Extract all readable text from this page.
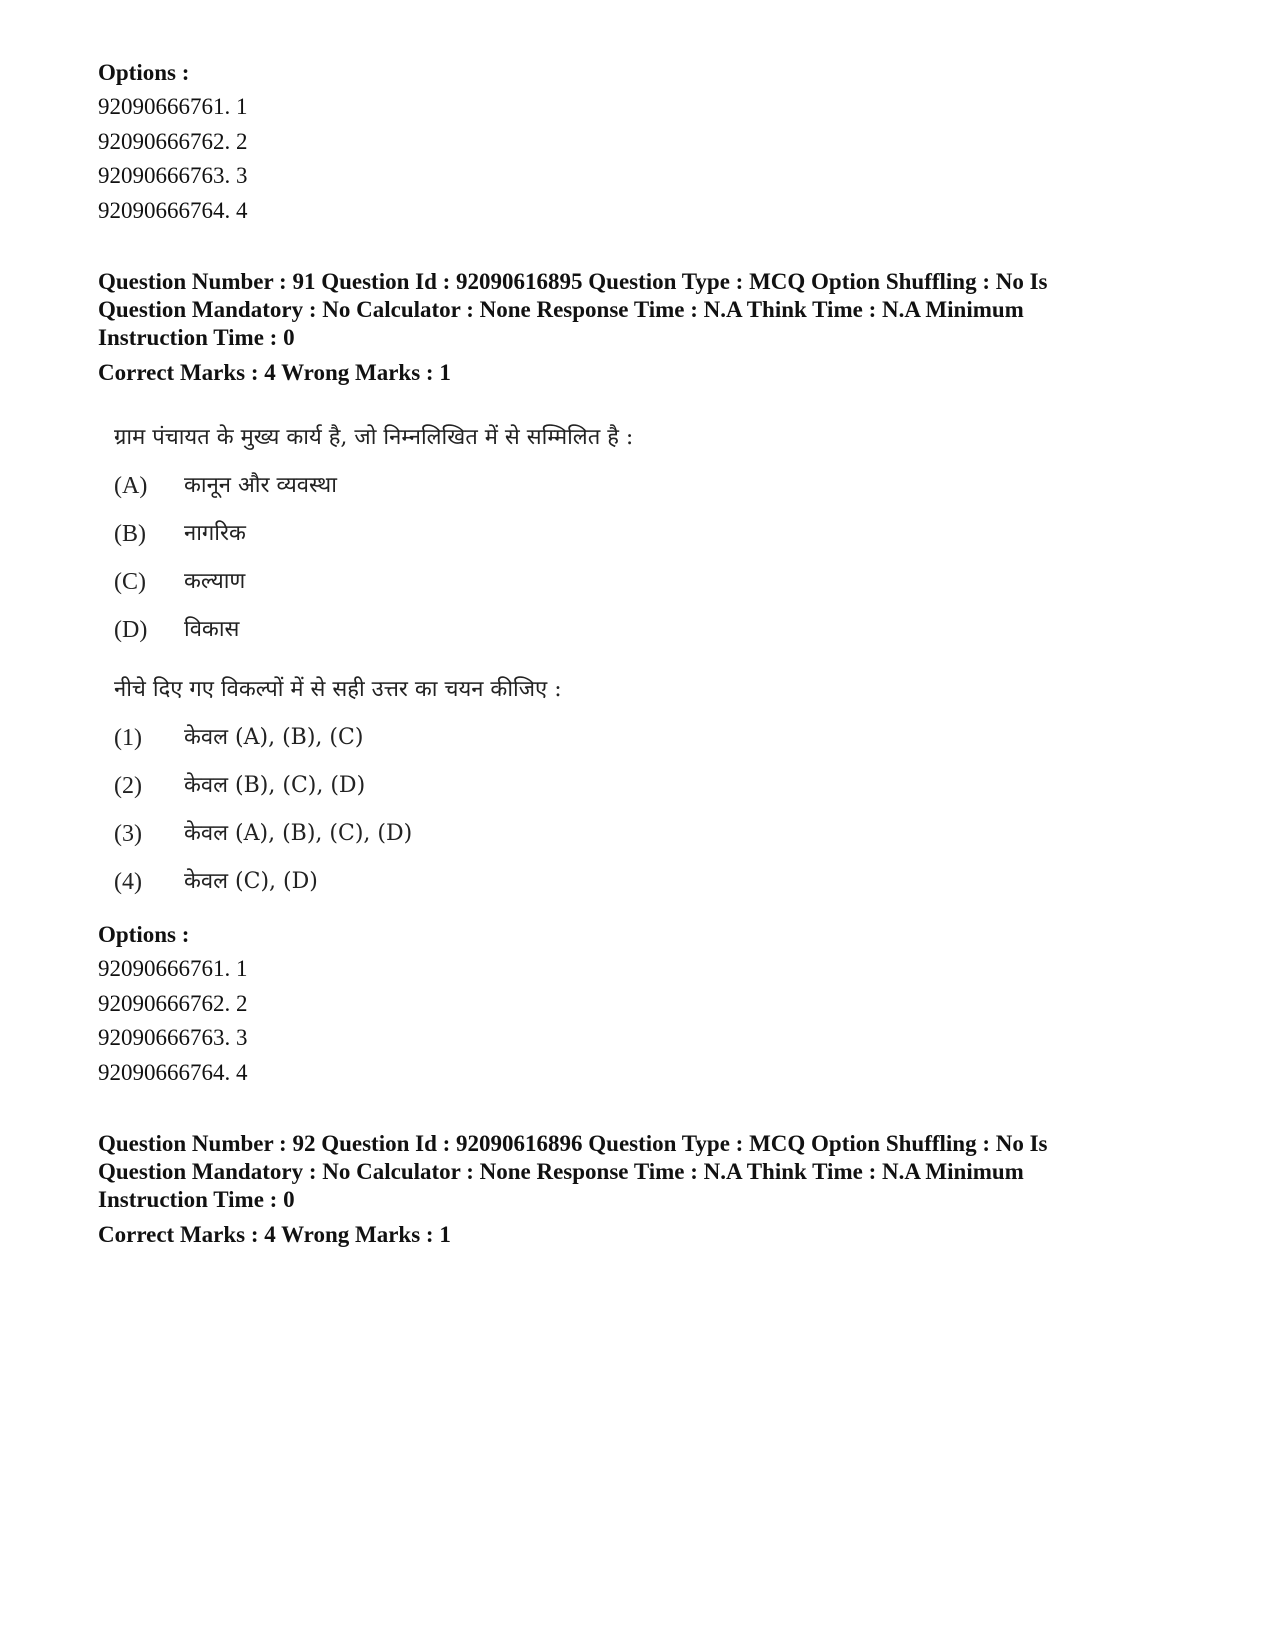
Options :

92090666761. 1
92090666762. 2
92090666763. 3
92090666764. 4

Question Number : 91 Question Id : 92090616895 Question Type : MCQ Option Shuffling : No Is

Question Mandatory : No Calculator : None Response Time : N.A Think Time : N.A Minimum

Instruction Time : 0

Correct Marks : 4 Wrong Marks : 1

ग्राम पंचायत के मुख्य कार्य है, जो निम्नलिखित में से सम्मिलित है :
(A)	कानून और व्यवस्था
(B)	नागरिक
(C)	कल्याण
(D)	विकास
नीचे दिए गए विकल्पों में से सही उत्तर का चयन कीजिए :
(1)	केवल (A), (B), (C)
(2)	केवल (B), (C), (D)
(3)	केवल (A), (B), (C), (D)
(4)	केवल (C), (D)

Options :

92090666761. 1
92090666762. 2
92090666763. 3
92090666764. 4

Question Number : 92 Question Id : 92090616896 Question Type : MCQ Option Shuffling : No Is

Question Mandatory : No Calculator : None Response Time : N.A Think Time : N.A Minimum

Instruction Time : 0

Correct Marks : 4 Wrong Marks : 1
